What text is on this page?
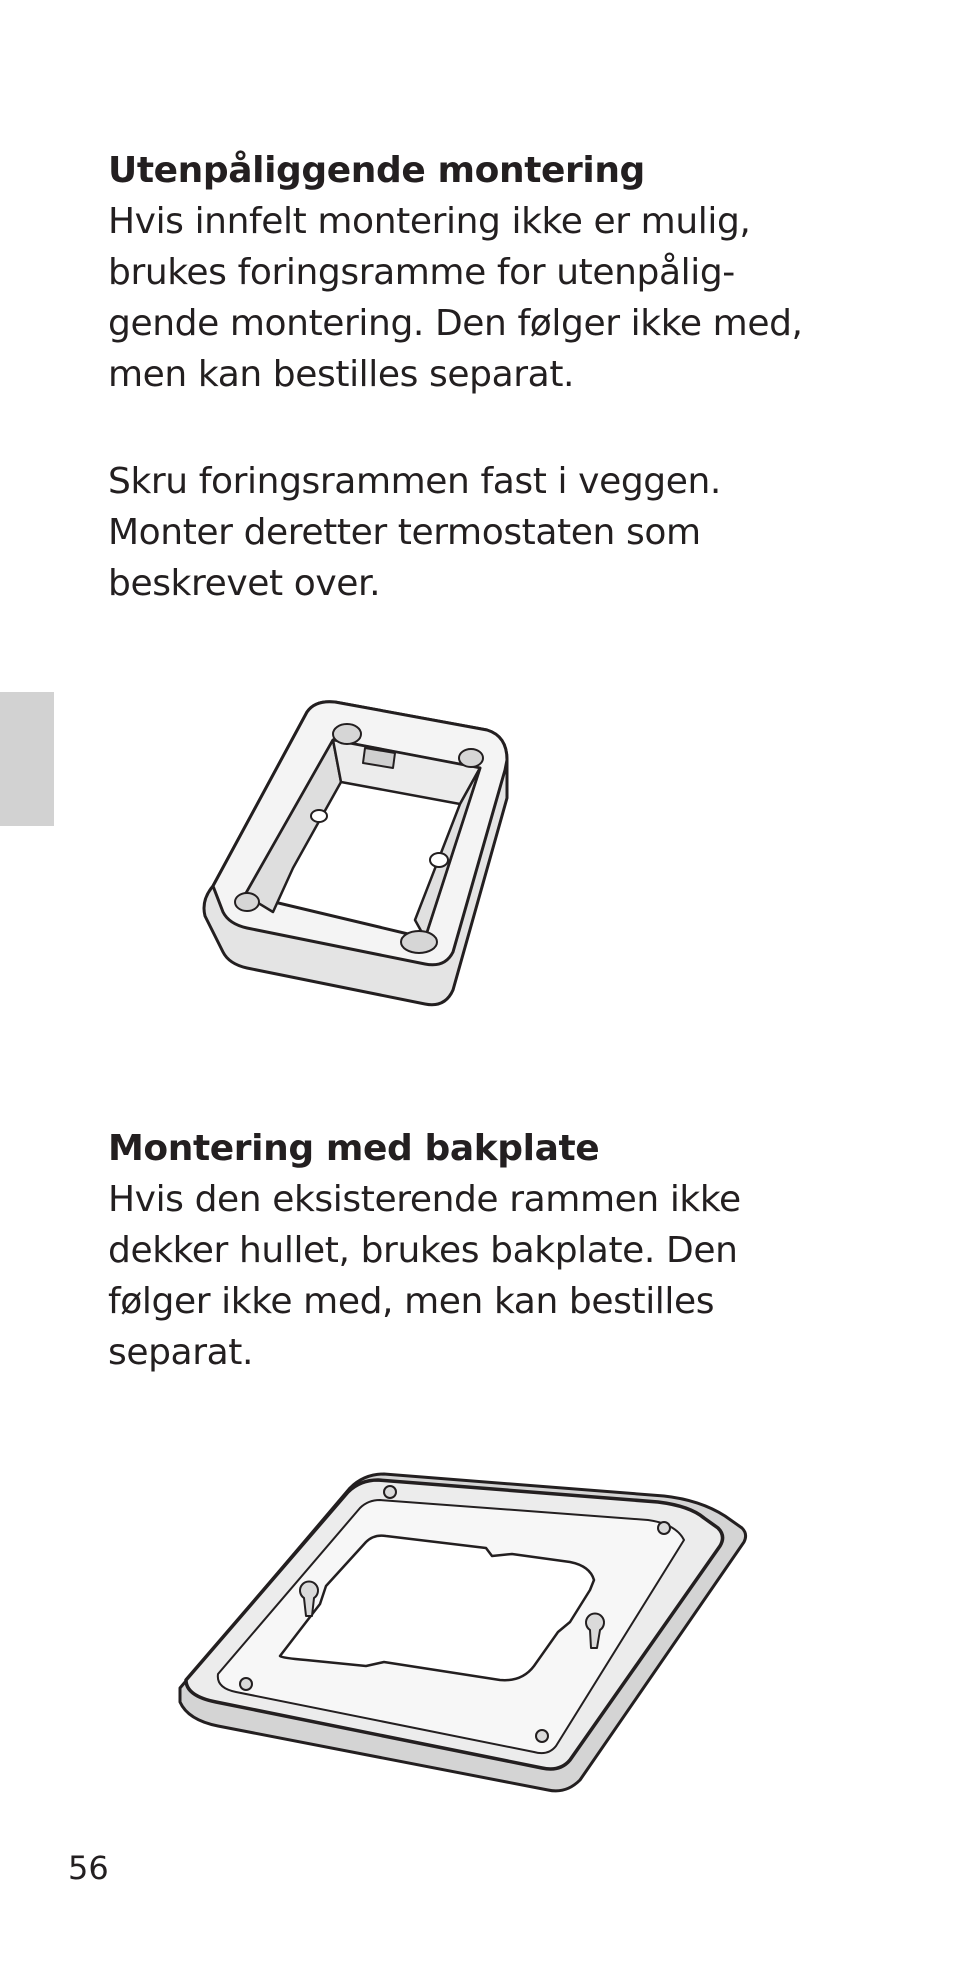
Utenpåliggende montering
Hvis innfelt montering ikke er mulig,
brukes foringsramme for utenpålig-
gende montering. Den følger ikke med,
men kan bestilles separat.
Skru foringsrammen fast i veggen.
Monter deretter termostaten som
beskrevet over.
Montering med bakplate
Hvis den eksisterende rammen ikke
dekker hullet, brukes bakplate. Den
følger ikke med, men kan bestilles
separat.
56
